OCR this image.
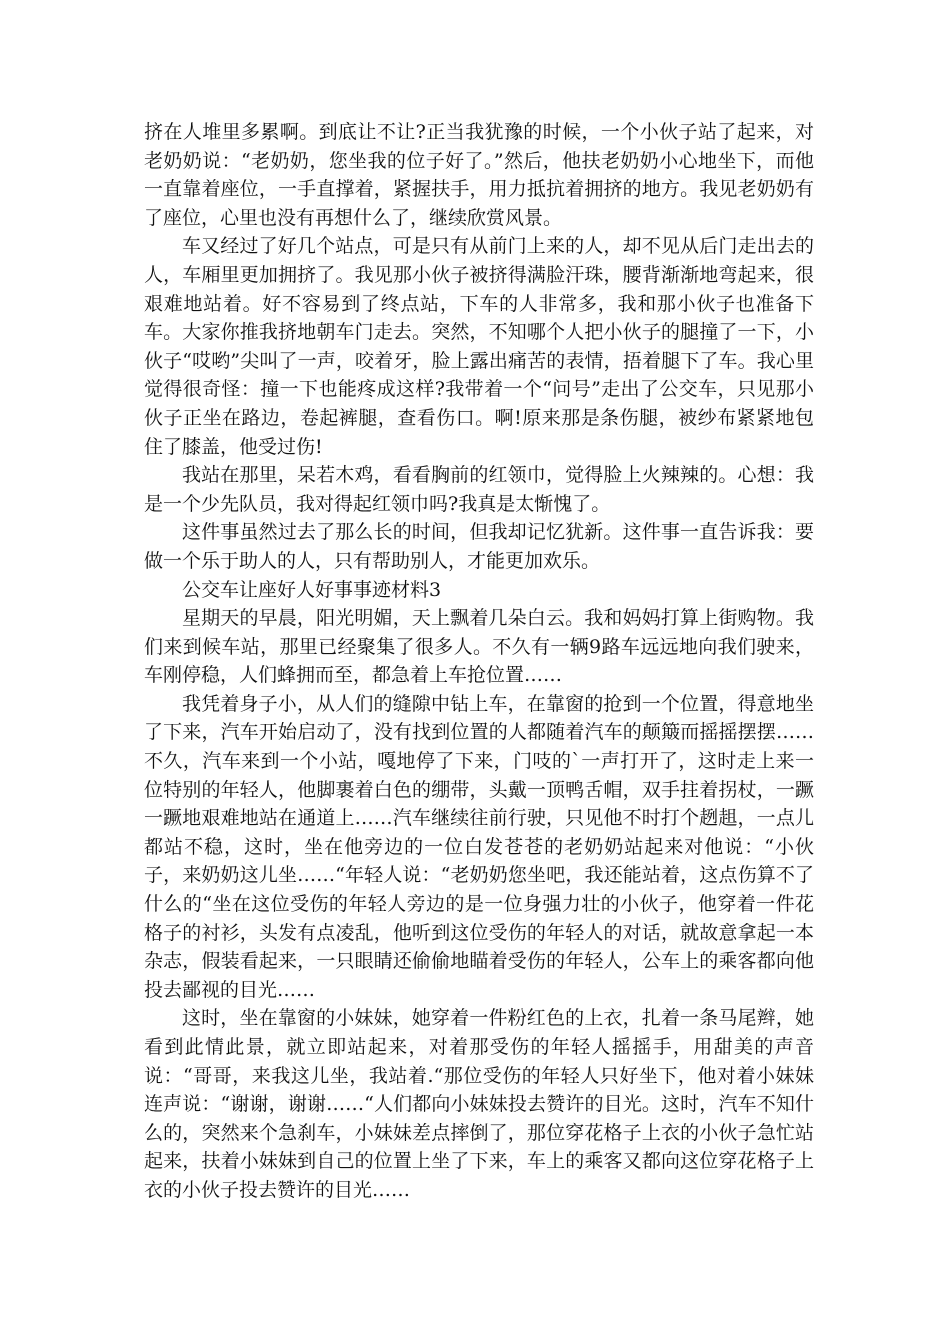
挤在人堆里多累啊。到底让不让?正当我犹豫的时候，一个小伙子站了起来，对老奶奶说：“老奶奶，您坐我的位子好了。”然后，他扶老奶奶小心地坐下，而他一直靠着座位，一手直撑着，紧握扶手，用力抵抗着拥挤的地方。我见老奶奶有了座位，心里也没有再想什么了，继续欣赏风景。

车又经过了好几个站点，可是只有从前门上来的人，却不见从后门走出去的人，车厢里更加拥挤了。我见那小伙子被挤得满脸汗珠，腰背渐渐地弯起来，很艰难地站着。好不容易到了终点站，下车的人非常多，我和那小伙子也准备下车。大家你推我挤地朝车门走去。突然，不知哪个人把小伙子的腿撞了一下，小伙子“哎哟”尖叫了一声，咬着牙，脸上露出痛苦的表情，捂着腿下了车。我心里觉得很奇怪：撞一下也能疼成这样?我带着一个“问号”走出了公交车，只见那小伙子正坐在路边，卷起裤腿，查看伤口。啊!原来那是条伤腿，被纱布紧紧地包住了膝盖，他受过伤!

我站在那里，呆若木鸡，看看胸前的红领巾，觉得脸上火辣辣的。心想：我是一个少先队员，我对得起红领巾吗?我真是太惭愧了。

这件事虽然过去了那么长的时间，但我却记忆犹新。这件事一直告诉我：要做一个乐于助人的人，只有帮助别人，才能更加欢乐。

公交车让座好人好事事迹材料3

星期天的早晨，阳光明媚，天上飘着几朵白云。我和妈妈打算上街购物。我们来到候车站，那里已经聚集了很多人。不久有一辆9路车远远地向我们驶来，车刚停稳，人们蜂拥而至，都急着上车抢位置……

我凭着身子小，从人们的缝隙中钻上车，在靠窗的抢到一个位置，得意地坐了下来，汽车开始启动了，没有找到位置的人都随着汽车的颠簸而摇摇摆摆……不久，汽车来到一个小站，嘎地停了下来，门吱的`一声打开了，这时走上来一位特别的年轻人，他脚裹着白色的绷带，头戴一顶鸭舌帽，双手拄着拐杖，一蹶一蹶地艰难地站在通道上……汽车继续往前行驶，只见他不时打个趔趄，一点儿都站不稳，这时，坐在他旁边的一位白发苍苍的老奶奶站起来对他说：“小伙子，来奶奶这儿坐……“年轻人说：“老奶奶您坐吧，我还能站着，这点伤算不了什么的“坐在这位受伤的年轻人旁边的是一位身强力壮的小伙子，他穿着一件花格子的衬衫，头发有点凌乱，他听到这位受伤的年轻人的对话，就故意拿起一本杂志，假装看起来，一只眼睛还偷偷地瞄着受伤的年轻人，公车上的乘客都向他投去鄙视的目光……

这时，坐在靠窗的小妹妹，她穿着一件粉红色的上衣，扎着一条马尾辫，她看到此情此景，就立即站起来，对着那受伤的年轻人摇摇手，用甜美的声音说：“哥哥，来我这儿坐，我站着.“那位受伤的年轻人只好坐下，他对着小妹妹连声说：“谢谢，谢谢……“人们都向小妹妹投去赞许的目光。这时，汽车不知什么的，突然来个急刹车，小妹妹差点摔倒了，那位穿花格子上衣的小伙子急忙站起来，扶着小妹妹到自己的位置上坐了下来，车上的乘客又都向这位穿花格子上衣的小伙子投去赞许的目光……
